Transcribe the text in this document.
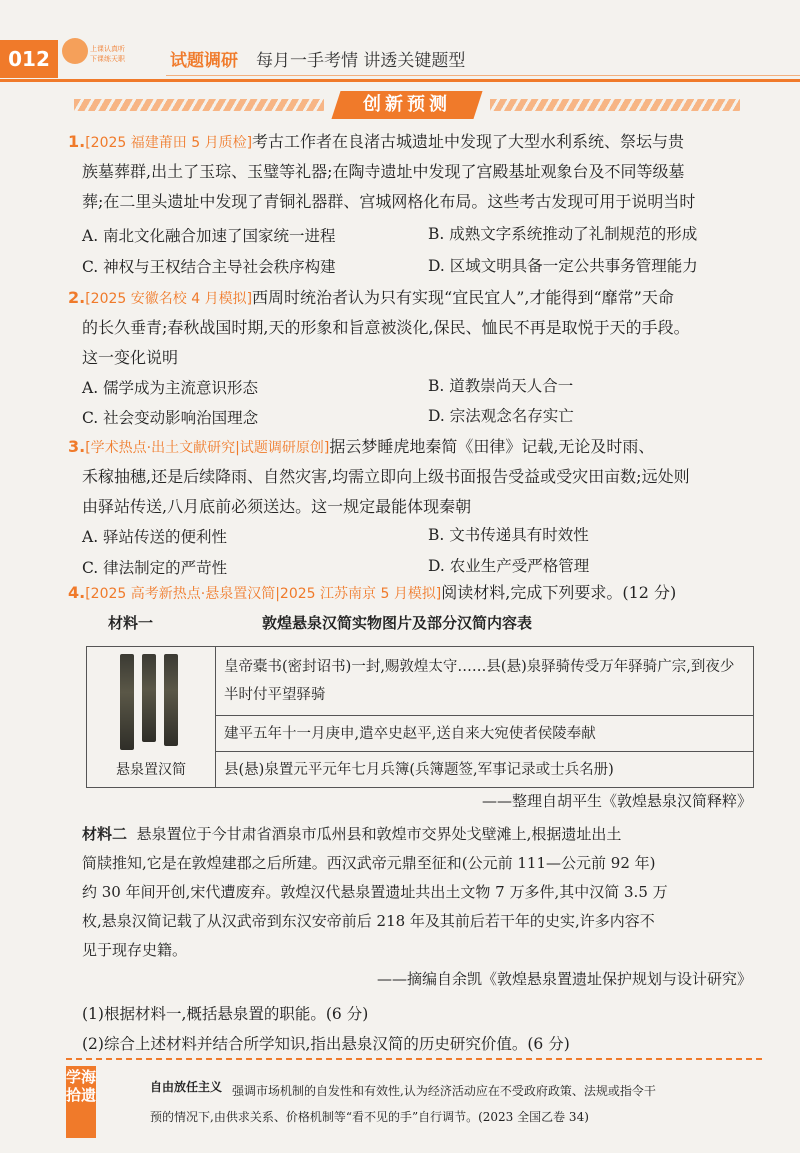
012	上课认真听
下课练天职	试题调研 每月一手考情 讲透关键题型
创新预测
1.[2025 福建莆田 5 月质检]考古工作者在良渚古城遗址中发现了大型水利系统、祭坛与贵
族墓葬群,出土了玉琮、玉璧等礼器;在陶寺遗址中发现了宫殿基址观象台及不同等级墓
葬;在二里头遗址中发现了青铜礼器群、宫城网格化布局。这些考古发现可用于说明当时
A. 南北文化融合加速了国家统一进程	B. 成熟文字系统推动了礼制规范的形成
C. 神权与王权结合主导社会秩序构建	D. 区域文明具备一定公共事务管理能力
2.[2025 安徽名校 4 月模拟]西周时统治者认为只有实现“宜民宜人”,才能得到“靡常”天命
的长久垂青;春秋战国时期,天的形象和旨意被淡化,保民、恤民不再是取悦于天的手段。
这一变化说明
A. 儒学成为主流意识形态	B. 道教崇尚天人合一
C. 社会变动影响治国理念	D. 宗法观念名存实亡
3.[学术热点·出土文献研究|试题调研原创]据云梦睡虎地秦简《田律》记载,无论及时雨、
禾稼抽穗,还是后续降雨、自然灾害,均需立即向上级书面报告受益或受灾田亩数;远处则
由驿站传送,八月底前必须送达。这一规定最能体现秦朝
A. 驿站传送的便利性	B. 文书传递具有时效性
C. 律法制定的严苛性	D. 农业生产受严格管理
4.[2025 高考新热点·悬泉置汉简|2025 江苏南京 5 月模拟]阅读材料,完成下列要求。(12 分)
材料一	敦煌悬泉汉简实物图片及部分汉简内容表
悬泉置汉简
	皇帝橐书(密封诏书)一封,赐敦煌太守……县(悬)泉驿骑传受万年驿骑广宗,到夜少半时付平望驿骑
建平五年十一月庚申,遣卒史赵平,送自来大宛使者侯陵奉献
县(悬)泉置元平元年七月兵簿(兵簿题签,军事记录或士兵名册)
——整理自胡平生《敦煌悬泉汉简释粹》
材料二 悬泉置位于今甘肃省酒泉市瓜州县和敦煌市交界处戈壁滩上,根据遗址出土
简牍推知,它是在敦煌建郡之后所建。西汉武帝元鼎至征和(公元前 111—公元前 92 年)
约 30 年间开创,宋代遭废弃。敦煌汉代悬泉置遗址共出土文物 7 万多件,其中汉简 3.5 万
枚,悬泉汉简记载了从汉武帝到东汉安帝前后 218 年及其前后若干年的史实,许多内容不
见于现存史籍。
——摘编自余凯《敦煌悬泉置遗址保护规划与设计研究》
(1)根据材料一,概括悬泉置的职能。(6 分)
(2)综合上述材料并结合所学知识,指出悬泉汉简的历史研究价值。(6 分)
学海拾遗	自由放任主义 强调市场机制的自发性和有效性,认为经济活动应在不受政府政策、法规或指令干
预的情况下,由供求关系、价格机制等“看不见的手”自行调节。(2023 全国乙卷 34)
